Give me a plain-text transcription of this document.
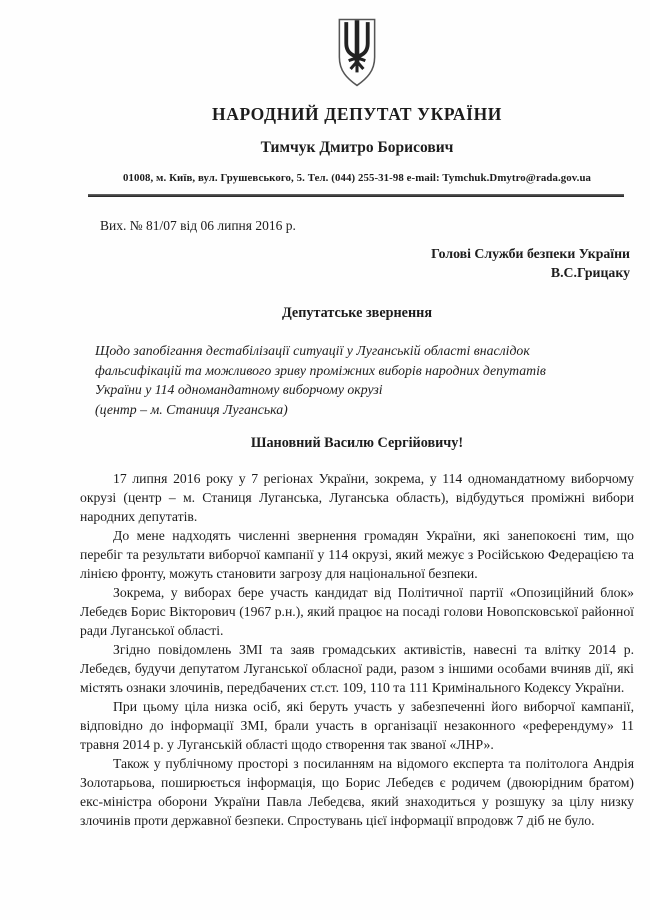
НАРОДНИЙ ДЕПУТАТ УКРАЇНИ
Тимчук Дмитро Борисович
01008, м. Київ, вул. Грушевського, 5. Тел. (044) 255-31-98 e-mail: Tymchuk.Dmytro@rada.gov.ua
Вих. № 81/07 від 06 липня 2016 р.
Голові Служби безпеки України
В.С.Грицаку
Депутатське звернення
Щодо запобігання дестабілізації ситуації у Луганській області внаслідок
фальсифікацій та можливого зриву проміжних виборів народних депутатів
України у 114 одномандатному виборчому окрузі
(центр – м. Станиця Луганська)
Шановний Василю Сергійовичу!

17 липня 2016 року у 7 регіонах України, зокрема, у 114 одномандатному виборчому окрузі (центр – м. Станиця Луганська, Луганська область), відбудуться проміжні вибори народних депутатів.

До мене надходять численні звернення громадян України, які занепокоєні тим, що перебіг та результати виборчої кампанії у 114 окрузі, який межує з Російською Федерацією та лінією фронту, можуть становити загрозу для національної безпеки.

Зокрема, у виборах бере участь кандидат від Політичної партії «Опозиційний блок» Лебедєв Борис Вікторович (1967 р.н.), який працює на посаді голови Новопсковської районної ради Луганської області.

Згідно повідомлень ЗМІ та заяв громадських активістів, навесні та влітку 2014 р. Лебедєв, будучи депутатом Луганської обласної ради, разом з іншими особами вчиняв дії, які містять ознаки злочинів, передбачених ст.ст. 109, 110 та 111 Кримінального Кодексу України.

При цьому ціла низка осіб, які беруть участь у забезпеченні його виборчої кампанії, відповідно до інформації ЗМІ, брали участь в організації незаконного «референдуму» 11 травня 2014 р. у Луганській області щодо створення так званої «ЛНР».

Також у публічному просторі з посиланням на відомого експерта та політолога Андрія Золотарьова, поширюється інформація, що Борис Лебедєв є родичем (двоюрідним братом) екс-міністра оборони України Павла Лебедєва, який знаходиться у розшуку за цілу низку злочинів проти державної безпеки. Спростувань цієї інформації впродовж 7 діб не було.
